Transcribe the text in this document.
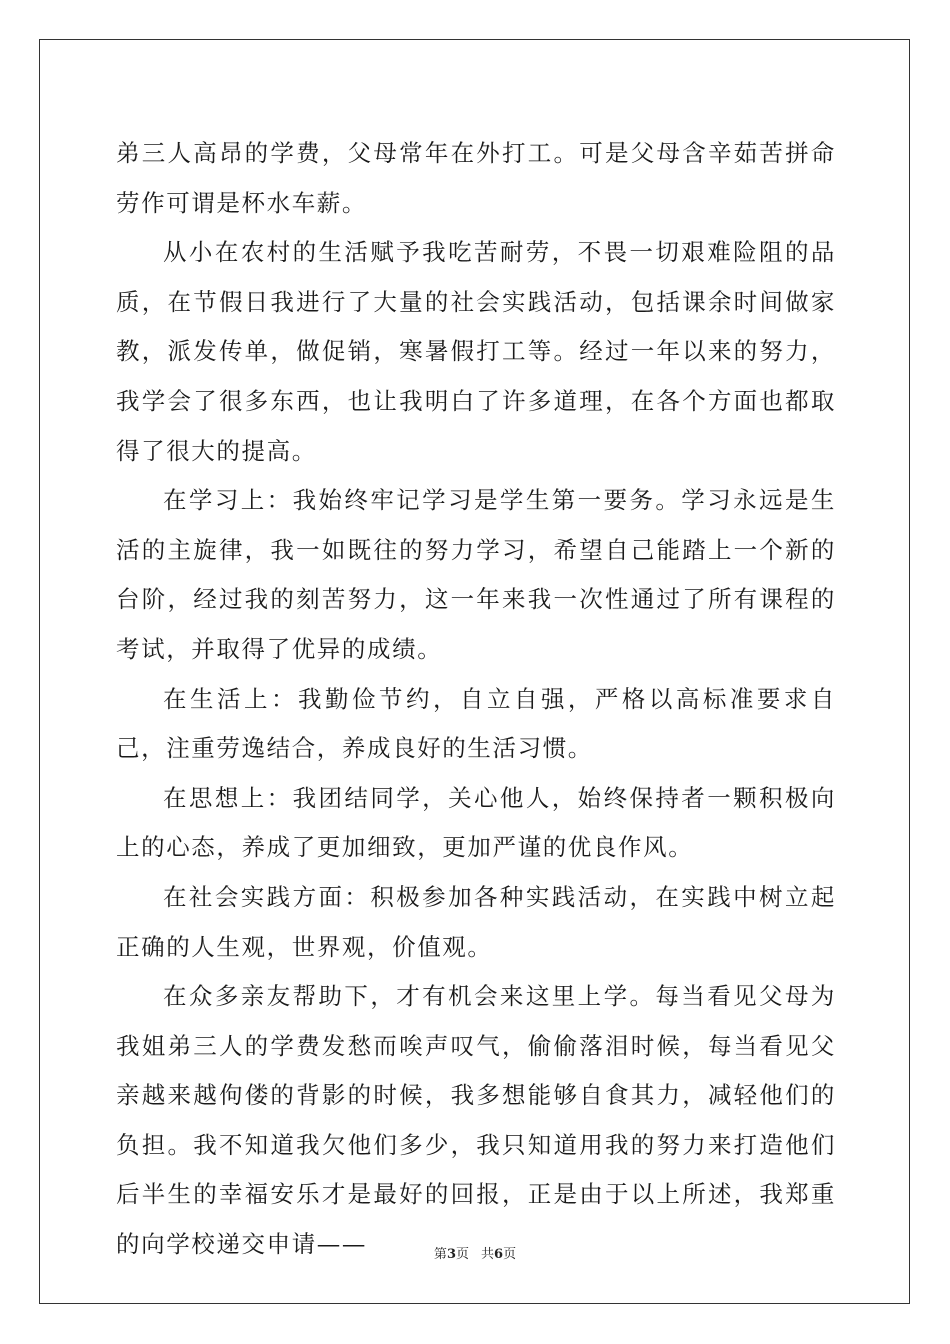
弟三人高昂的学费，父母常年在外打工。可是父母含辛茹苦拼命劳作可谓是杯水车薪。

从小在农村的生活赋予我吃苦耐劳，不畏一切艰难险阻的品质，在节假日我进行了大量的社会实践活动，包括课余时间做家教，派发传单，做促销，寒暑假打工等。经过一年以来的努力，我学会了很多东西，也让我明白了许多道理，在各个方面也都取得了很大的提高。

在学习上：我始终牢记学习是学生第一要务。学习永远是生活的主旋律，我一如既往的努力学习，希望自己能踏上一个新的台阶，经过我的刻苦努力，这一年来我一次性通过了所有课程的考试，并取得了优异的成绩。

在生活上：我勤俭节约，自立自强，严格以高标准要求自己，注重劳逸结合，养成良好的生活习惯。

在思想上：我团结同学，关心他人，始终保持者一颗积极向上的心态，养成了更加细致，更加严谨的优良作风。

在社会实践方面：积极参加各种实践活动，在实践中树立起正确的人生观，世界观，价值观。

在众多亲友帮助下，才有机会来这里上学。每当看见父母为我姐弟三人的学费发愁而唉声叹气，偷偷落泪时候，每当看见父亲越来越佝偻的背影的时候，我多想能够自食其力，减轻他们的负担。我不知道我欠他们多少，我只知道用我的努力来打造他们后半生的幸福安乐才是最好的回报，正是由于以上所述，我郑重的向学校递交申请——	第3页 共6页
